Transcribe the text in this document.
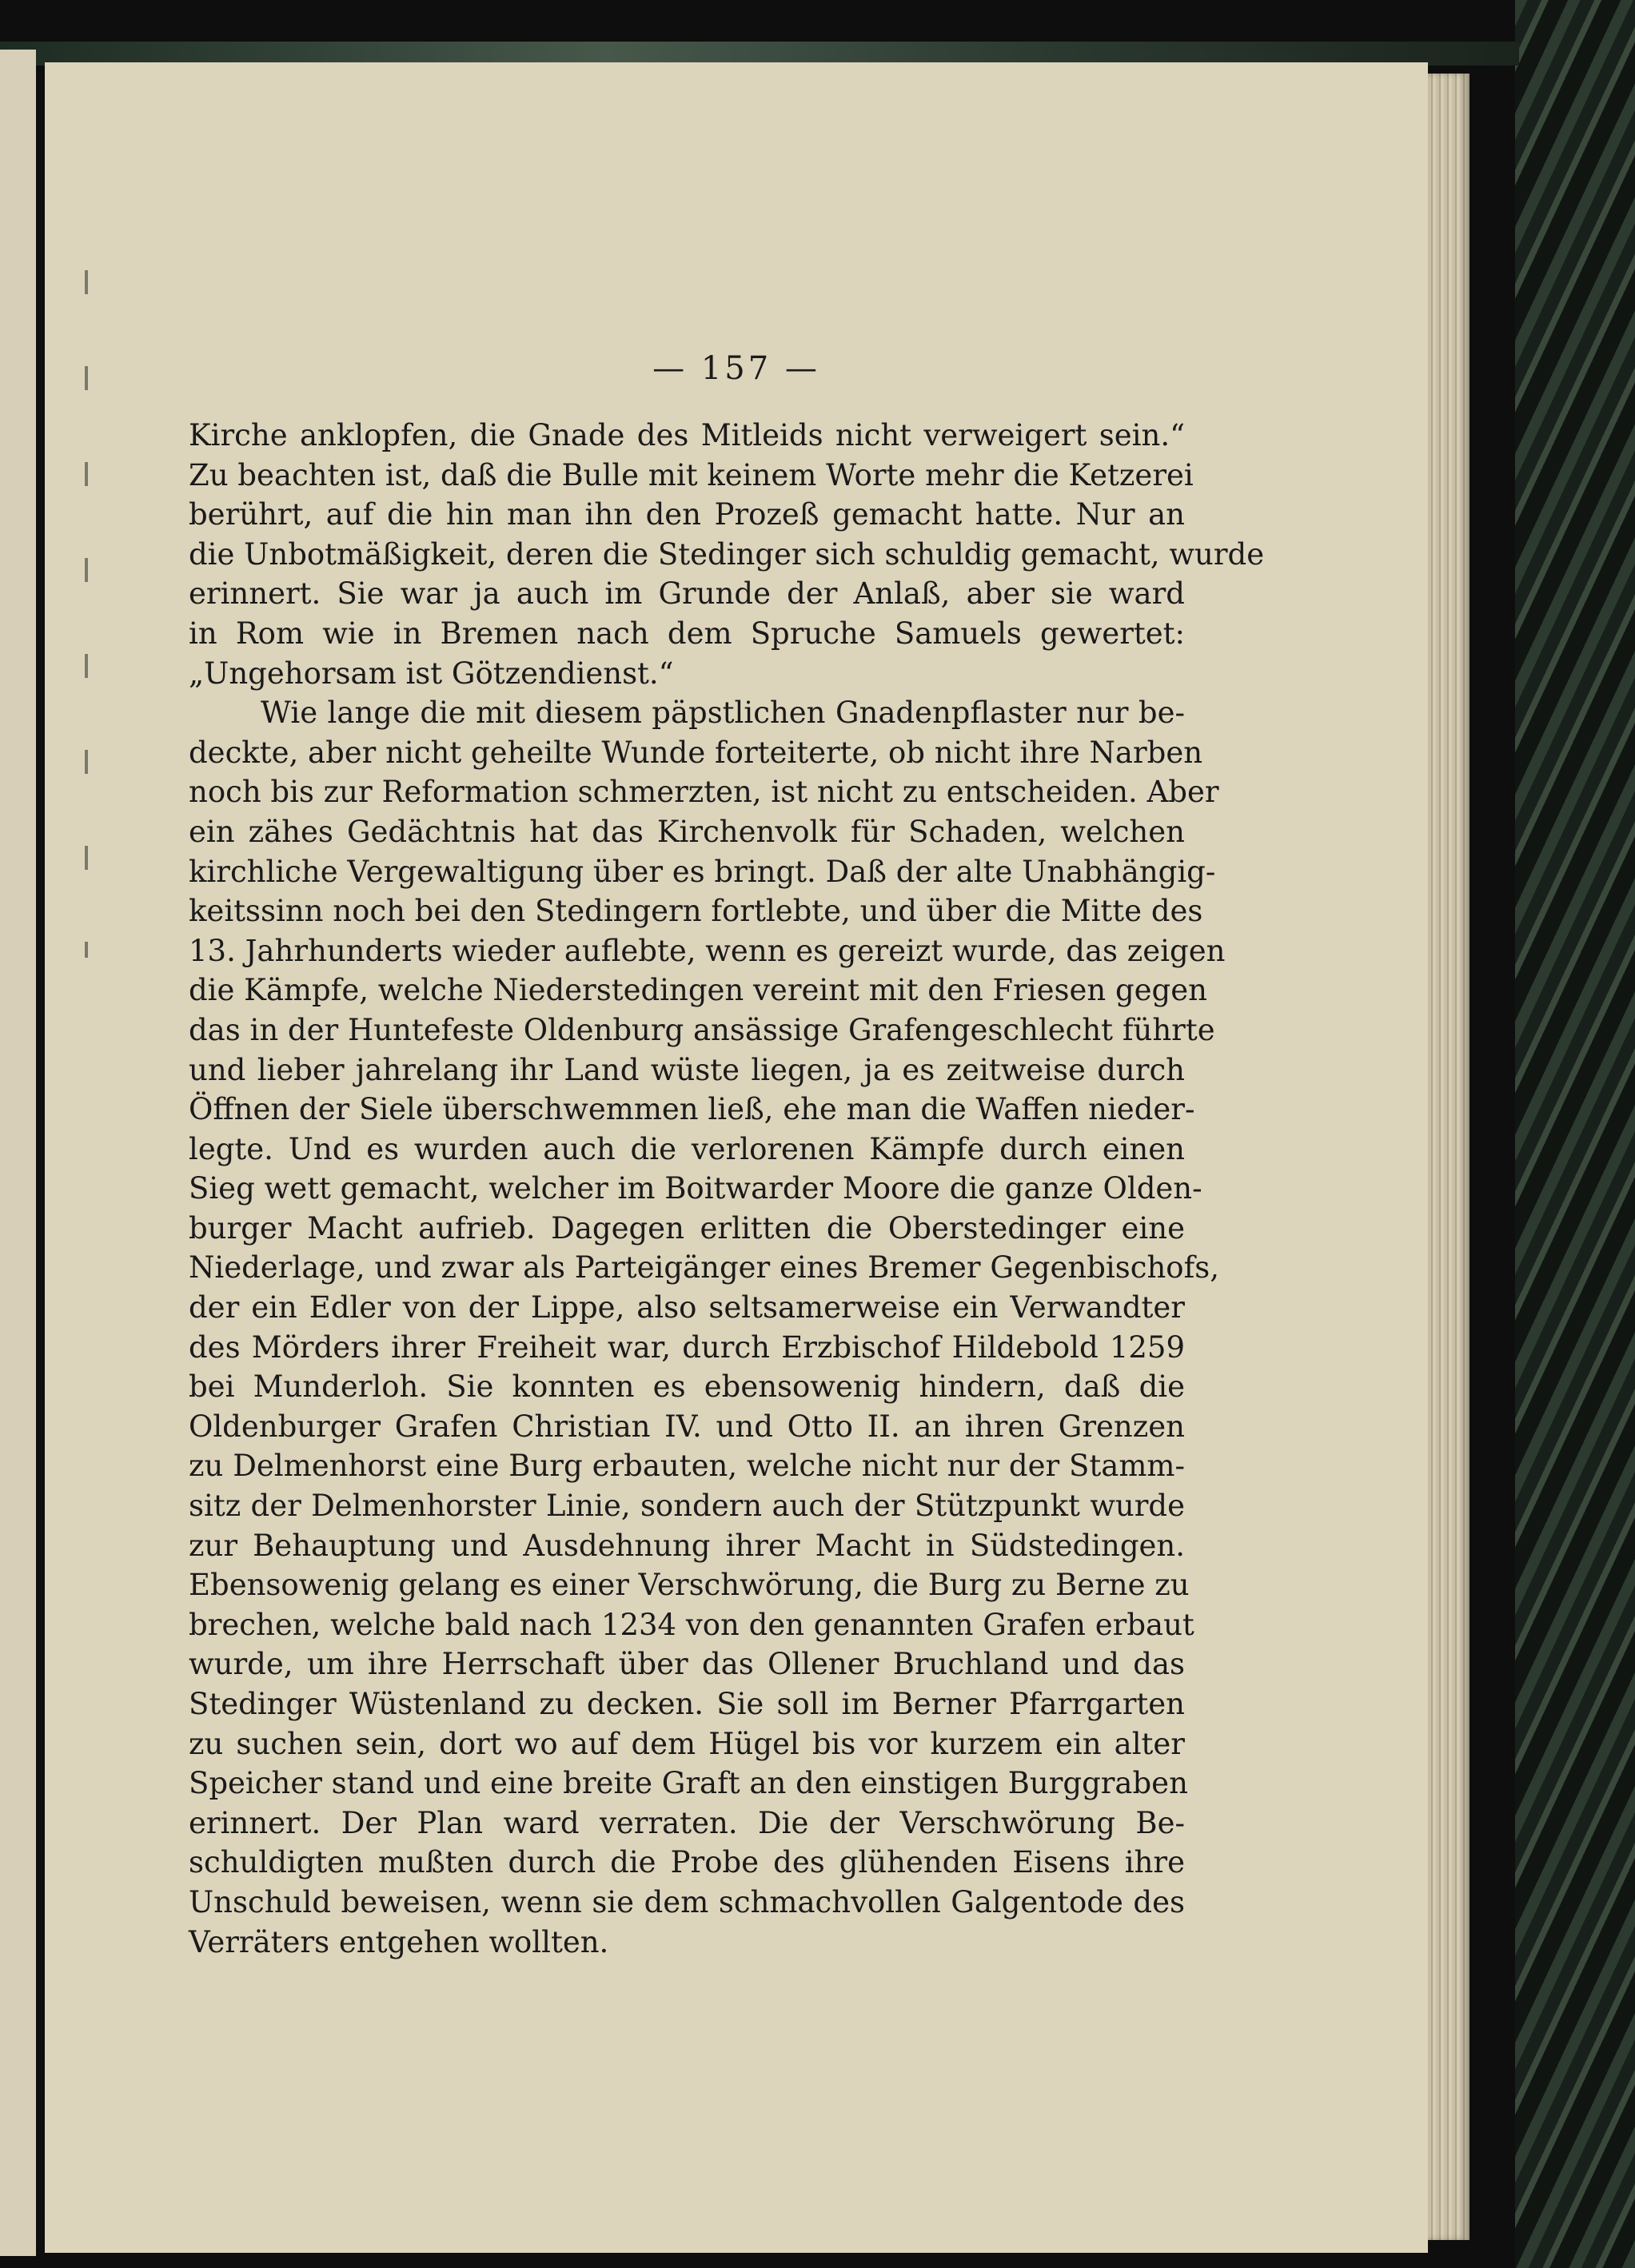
— 157 —
Kirche anklopfen, die Gnade des Mitleids nicht verweigert sein.“
Zu beachten ist, daß die Bulle mit keinem Worte mehr die Ketzerei
berührt, auf die hin man ihn den Prozeß gemacht hatte. Nur an
die Unbotmäßigkeit, deren die Stedinger sich schuldig gemacht, wurde
erinnert. Sie war ja auch im Grunde der Anlaß, aber sie ward
in Rom wie in Bremen nach dem Spruche Samuels gewertet:
„Ungehorsam ist Götzendienst.“
Wie lange die mit diesem päpstlichen Gnadenpflaster nur be-
deckte, aber nicht geheilte Wunde forteiterte, ob nicht ihre Narben
noch bis zur Reformation schmerzten, ist nicht zu entscheiden. Aber
ein zähes Gedächtnis hat das Kirchenvolk für Schaden, welchen
kirchliche Vergewaltigung über es bringt. Daß der alte Unabhängig-
keitssinn noch bei den Stedingern fortlebte, und über die Mitte des
13. Jahrhunderts wieder auflebte, wenn es gereizt wurde, das zeigen
die Kämpfe, welche Niederstedingen vereint mit den Friesen gegen
das in der Huntefeste Oldenburg ansässige Grafengeschlecht führte
und lieber jahrelang ihr Land wüste liegen, ja es zeitweise durch
Öffnen der Siele überschwemmen ließ, ehe man die Waffen nieder-
legte. Und es wurden auch die verlorenen Kämpfe durch einen
Sieg wett gemacht, welcher im Boitwarder Moore die ganze Olden-
burger Macht aufrieb. Dagegen erlitten die Oberstedinger eine
Niederlage, und zwar als Parteigänger eines Bremer Gegenbischofs,
der ein Edler von der Lippe, also seltsamerweise ein Verwandter
des Mörders ihrer Freiheit war, durch Erzbischof Hildebold 1259
bei Munderloh. Sie konnten es ebensowenig hindern, daß die
Oldenburger Grafen Christian IV. und Otto II. an ihren Grenzen
zu Delmenhorst eine Burg erbauten, welche nicht nur der Stamm-
sitz der Delmenhorster Linie, sondern auch der Stützpunkt wurde
zur Behauptung und Ausdehnung ihrer Macht in Südstedingen.
Ebensowenig gelang es einer Verschwörung, die Burg zu Berne zu
brechen, welche bald nach 1234 von den genannten Grafen erbaut
wurde, um ihre Herrschaft über das Ollener Bruchland und das
Stedinger Wüstenland zu decken. Sie soll im Berner Pfarrgarten
zu suchen sein, dort wo auf dem Hügel bis vor kurzem ein alter
Speicher stand und eine breite Graft an den einstigen Burggraben
erinnert. Der Plan ward verraten. Die der Verschwörung Be-
schuldigten mußten durch die Probe des glühenden Eisens ihre
Unschuld beweisen, wenn sie dem schmachvollen Galgentode des
Verräters entgehen wollten.
